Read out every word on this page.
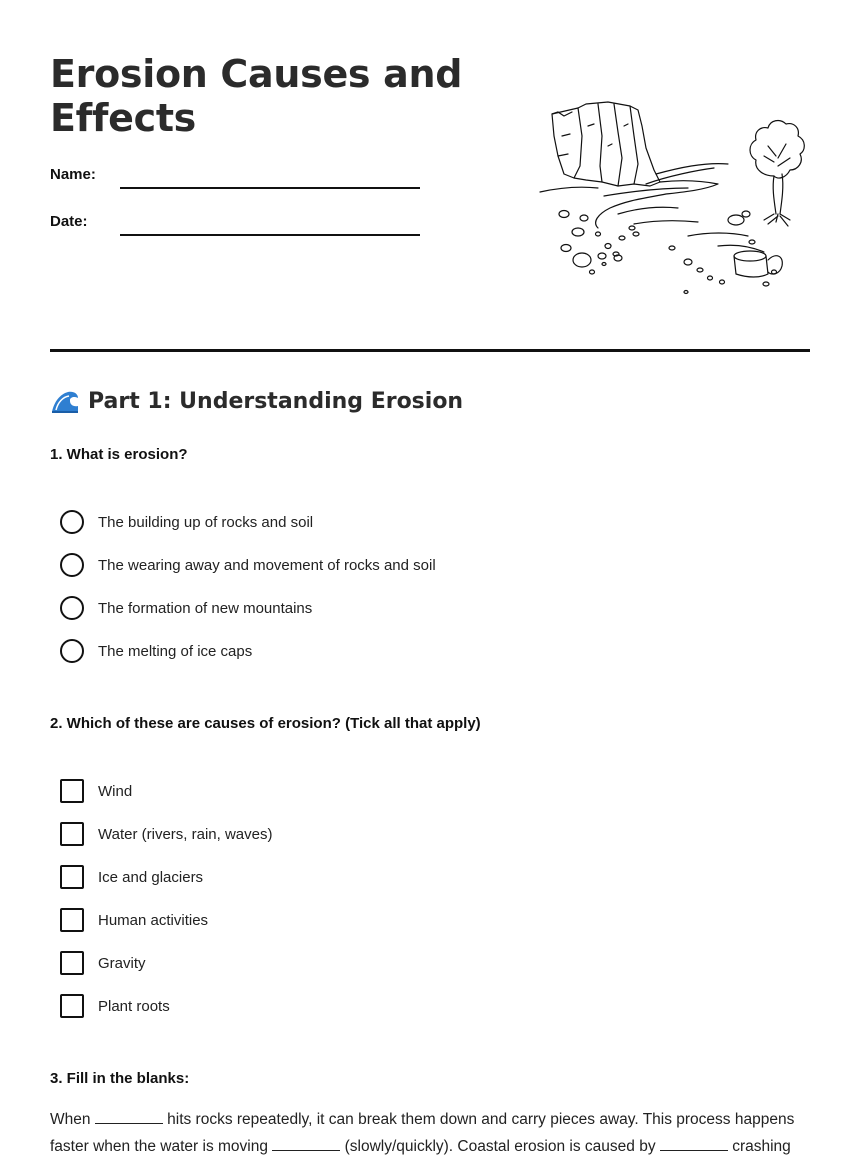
Erosion Causes and Effects
Name:
Date:
Part 1: Understanding Erosion
1. What is erosion?
The building up of rocks and soil
The wearing away and movement of rocks and soil
The formation of new mountains
The melting of ice caps
2. Which of these are causes of erosion? (Tick all that apply)
Wind
Water (rivers, rain, waves)
Ice and glaciers
Human activities
Gravity
Plant roots
3. Fill in the blanks:
When	hits rocks repeatedly, it can break them down and carry pieces away. This process happens faster when the water is moving	(slowly/quickly). Coastal erosion is caused by	crashing
